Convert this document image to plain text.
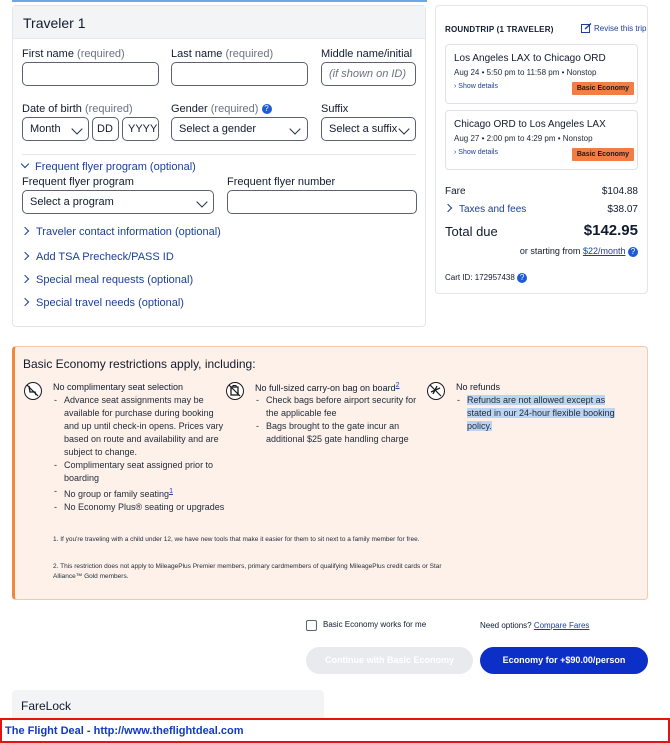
Traveler 1
First name (required)	Last name (required)	Middle name/initial
(if shown on ID)
Date of birth (required)	Gender (required) ?	Suffix
Month	DD YYYY Select a gender	Select a suffix
Frequent flyer program (optional)
Frequent flyer program	Frequent flyer number
Select a program
Traveler contact information (optional)
Add TSA Precheck/PASS ID
Special meal requests (optional)
Special travel needs (optional)
ROUNDTRIP (1 TRAVELER)	Revise this trip
Los Angeles LAX to Chicago ORD
Aug 24 • 5:50 pm to 11:58 pm • Nonstop
› Show details	Basic Economy
Chicago ORD to Los Angeles LAX
Aug 27 • 2:00 pm to 4:29 pm • Nonstop
› Show details	Basic Economy
Fare	$104.88
Taxes and fees	$38.07
Total due	$142.95
or starting from $22/month ?
Cart ID: 172957438 ?
Basic Economy restrictions apply, including:
No complimentary seat selection
- Advance seat assignments may be available for purchase during booking and up until check-in opens. Prices vary based on route and availability and are subject to change.
- Complimentary seat assigned prior to boarding
- No group or family seating$^1$
- No Economy Plus® seating or upgrades
No full-sized carry-on bag on board$^2$
- Check bags before airport security for the applicable fee
- Bags brought to the gate incur an additional $25 gate handling charge
No refunds
- Refunds are not allowed except as stated in our 24-hour flexible booking policy.
1. If you're traveling with a child under 12, we have new tools that make it easier for them to sit next to a family member for free.
2. This restriction does not apply to MileagePlus Premier members, primary cardmembers of qualifying MileagePlus credit cards or Star Alliance™ Gold members.
Basic Economy works for me	Need options? Compare Fares
Continue with Basic Economy	Economy for +$90.00/person
FareLock
The Flight Deal - http://www.theflightdeal.com
